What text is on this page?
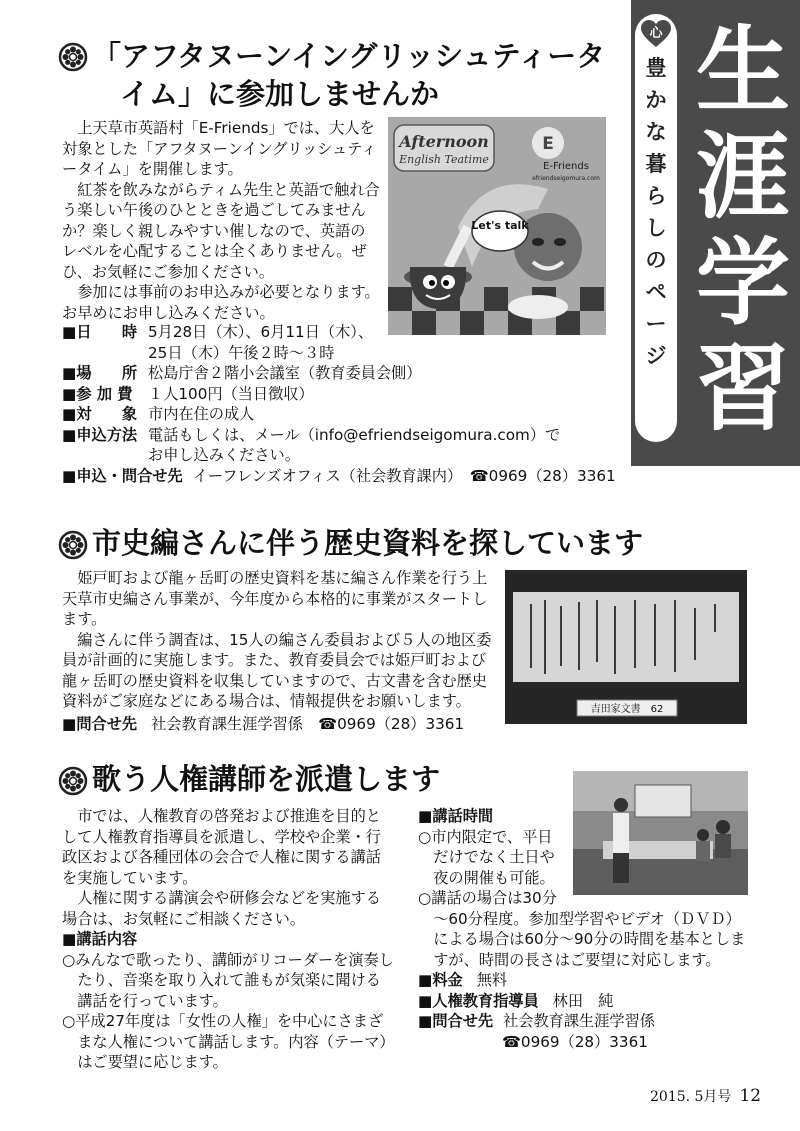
心
豊
か
な
暮
ら
し
の
ペ
ー
ジ
生
涯
学
習
「アフタヌーンイングリッシュティータ
イム」に参加しませんか

上天草市英語村「E-Friends」では、大人を対象とした「アフタヌーンイングリッシュティータイム」を開催します。

紅茶を飲みながらティム先生と英語で触れ合う楽しい午後のひとときを過ごしてみませんか？楽しく親しみやすい催しなので、英語のレベルを心配することは全くありません。ぜひ、お気軽にご参加ください。

参加には事前のお申込みが必要となります。お早めにお申し込みください。

Afternoon
English Teatime
E
E-Friends
efriendseigomura.com
Let's talk
■日　　時 5月28日（木）、6月11日（木）、
25日（木）午後２時～３時
■場　　所 松島庁舎２階小会議室（教育委員会側）
■参 加 費 １人100円（当日徴収）
■対　　象 市内在住の成人
■申込方法 電話もしくは、メール（info@efriendseigomura.com）で
お申し込みください。
■申込・問合せ先 イーフレンズオフィス（社会教育課内）　☎0969（28）3361
市史編さんに伴う歴史資料を探しています

姫戸町および龍ヶ岳町の歴史資料を基に編さん作業を行う上天草市史編さん事業が、今年度から本格的に事業がスタートします。

編さんに伴う調査は、15人の編さん委員および５人の地区委員が計画的に実施します。また、教育委員会では姫戸町および龍ヶ岳町の歴史資料を収集していますので、古文書を含む歴史資料がご家庭などにある場合は、情報提供をお願いします。

■問合せ先 社会教育課生涯学習係　☎0969（28）3361
吉田家文書　62
歌う人権講師を派遣します

市では、人権教育の啓発および推進を目的として人権教育指導員を派遣し、学校や企業・行政区および各種団体の会合で人権に関する講話を実施しています。

人権に関する講演会や研修会などを実施する場合は、お気軽にご相談ください。

■講話内容
○みんなで歌ったり、講師がリコーダーを演奏したり、音楽を取り入れて誰もが気楽に聞ける講話を行っています。
○平成27年度は「女性の人権」を中心にさまざまな人権について講話します。内容（テーマ）はご要望に応じます。
■講話時間
○市内限定で、平日
だけでなく土日や
夜の開催も可能。
○講話の場合は30分
～60分程度。参加型学習やビデオ（ＤＶＤ）による場合は60分～90分の時間を基本としますが、時間の長さはご要望に対応します。
■料金 無料
■人権教育指導員 林田　純
■問合せ先 社会教育課生涯学習係
☎0969（28）3361
2015. 5月号 12
